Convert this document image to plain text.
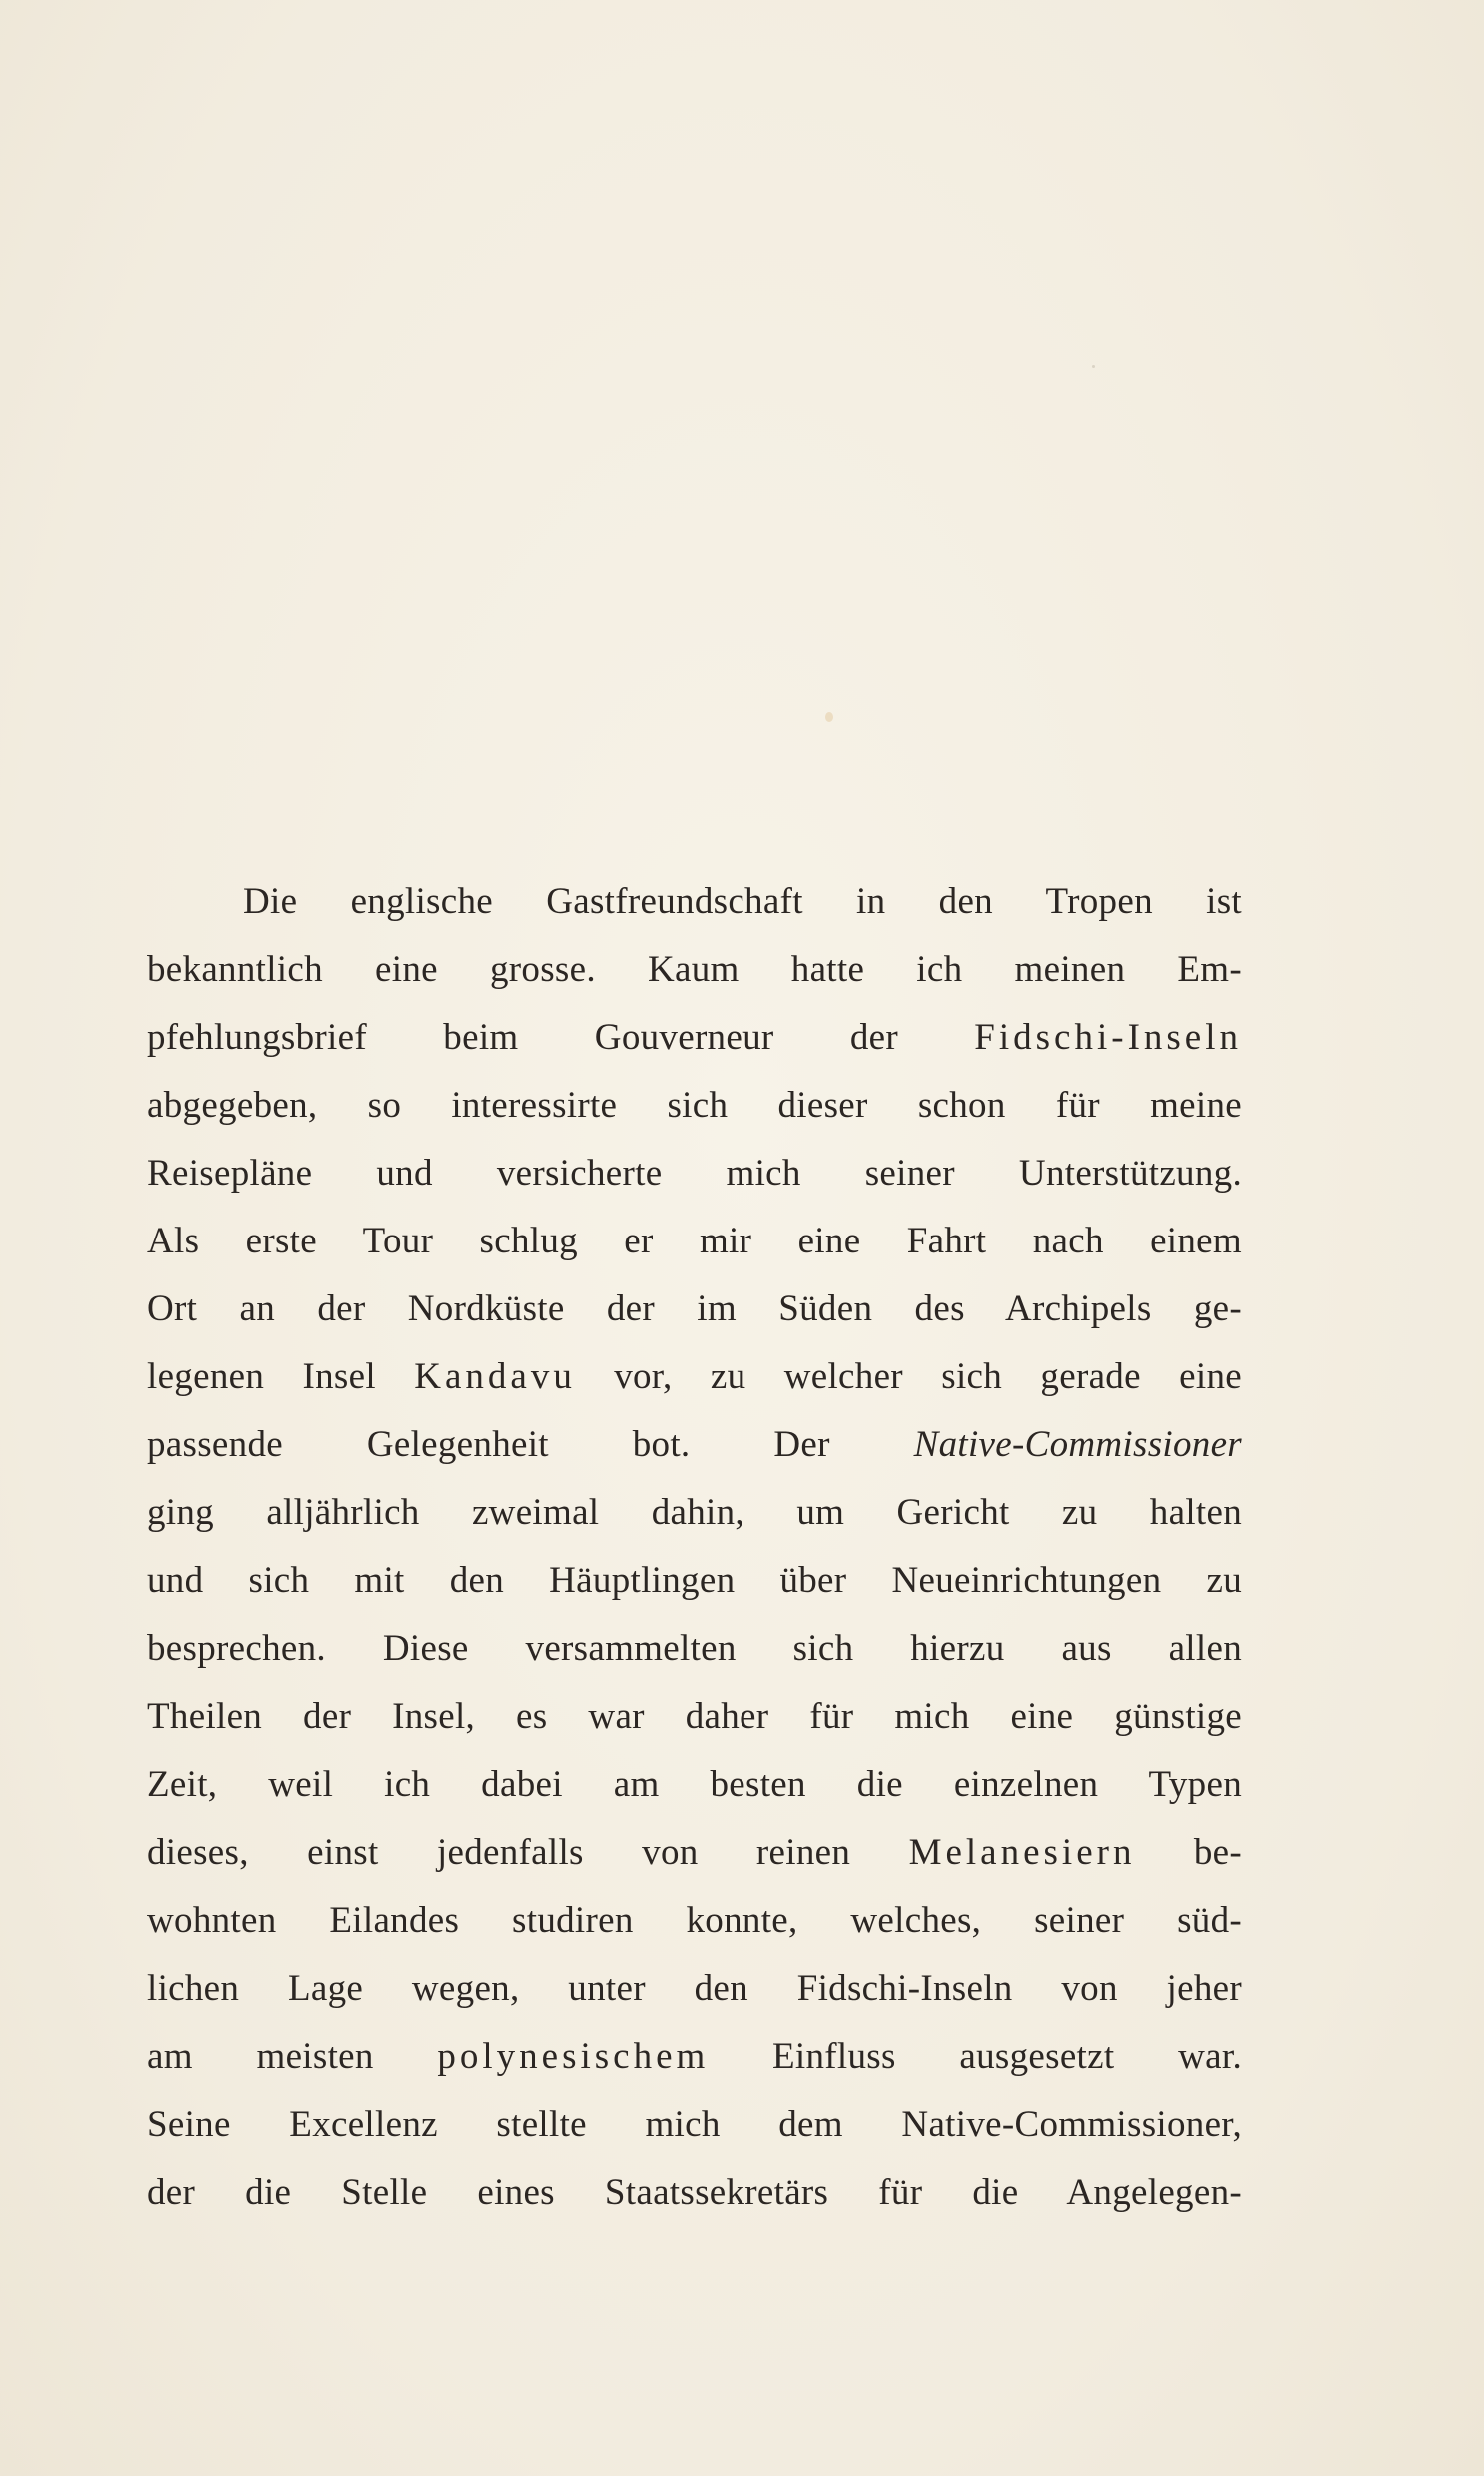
Die englische Gastfreundschaft in den Tropen ist
bekanntlich eine grosse. Kaum hatte ich meinen Em-
pfehlungsbrief beim Gouverneur der Fidschi-Inseln
abgegeben, so interessirte sich dieser schon für meine
Reisepläne und versicherte mich seiner Unterstützung.
Als erste Tour schlug er mir eine Fahrt nach einem
Ort an der Nordküste der im Süden des Archipels ge-
legenen Insel Kandavu vor, zu welcher sich gerade eine
passende Gelegenheit bot. Der Native-Commissioner
ging alljährlich zweimal dahin, um Gericht zu halten
und sich mit den Häuptlingen über Neueinrichtungen zu
besprechen. Diese versammelten sich hierzu aus allen
Theilen der Insel, es war daher für mich eine günstige
Zeit, weil ich dabei am besten die einzelnen Typen
dieses, einst jedenfalls von reinen Melanesiern be-
wohnten Eilandes studiren konnte, welches, seiner süd-
lichen Lage wegen, unter den Fidschi-Inseln von jeher
am meisten polynesischem Einfluss ausgesetzt war.
Seine Excellenz stellte mich dem Native-Commissioner,
der die Stelle eines Staatssekretärs für die Angelegen-
